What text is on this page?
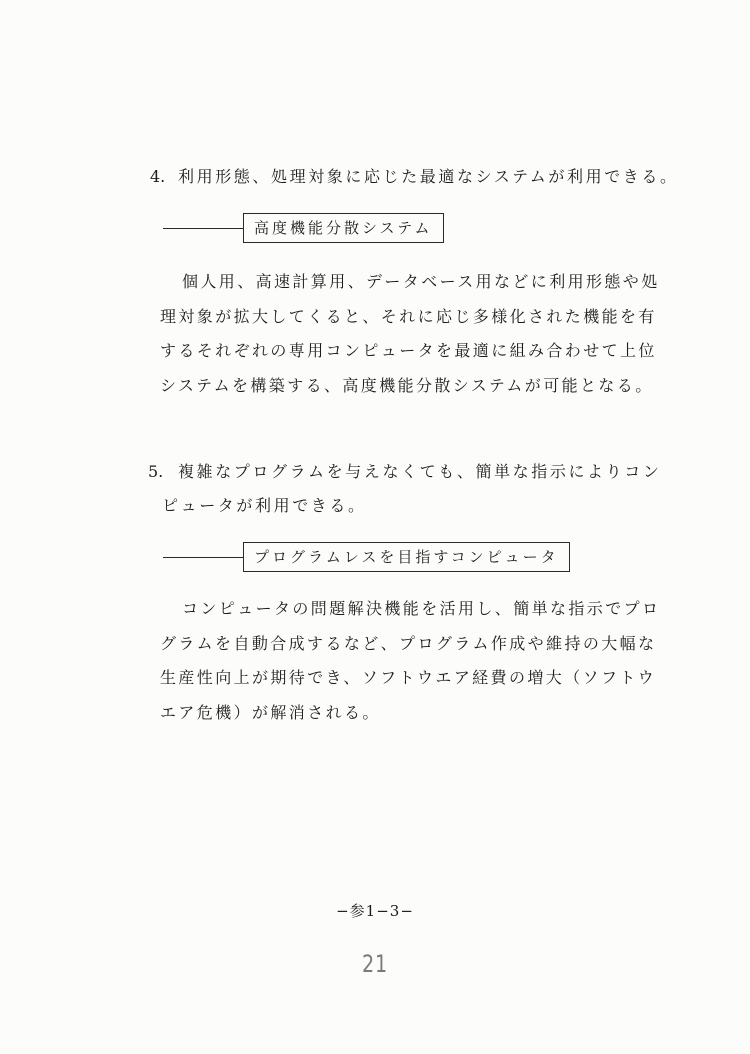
4. 利用形態、処理対象に応じた最適なシステムが利用できる。
高度機能分散システム
個人用、高速計算用、データベース用などに利用形態や処
理対象が拡大してくると、それに応じ多様化された機能を有
するそれぞれの専用コンピュータを最適に組み合わせて上位
システムを構築する、高度機能分散システムが可能となる。
5. 複雑なプログラムを与えなくても、簡単な指示によりコン
ピュータが利用できる。
プログラムレスを目指すコンピュータ
コンピュータの問題解決機能を活用し、簡単な指示でプロ
グラムを自動合成するなど、プログラム作成や維持の大幅な
生産性向上が期待でき、ソフトウエア経費の増大（ソフトウ
エア危機）が解消される。
−参1−3−
21
